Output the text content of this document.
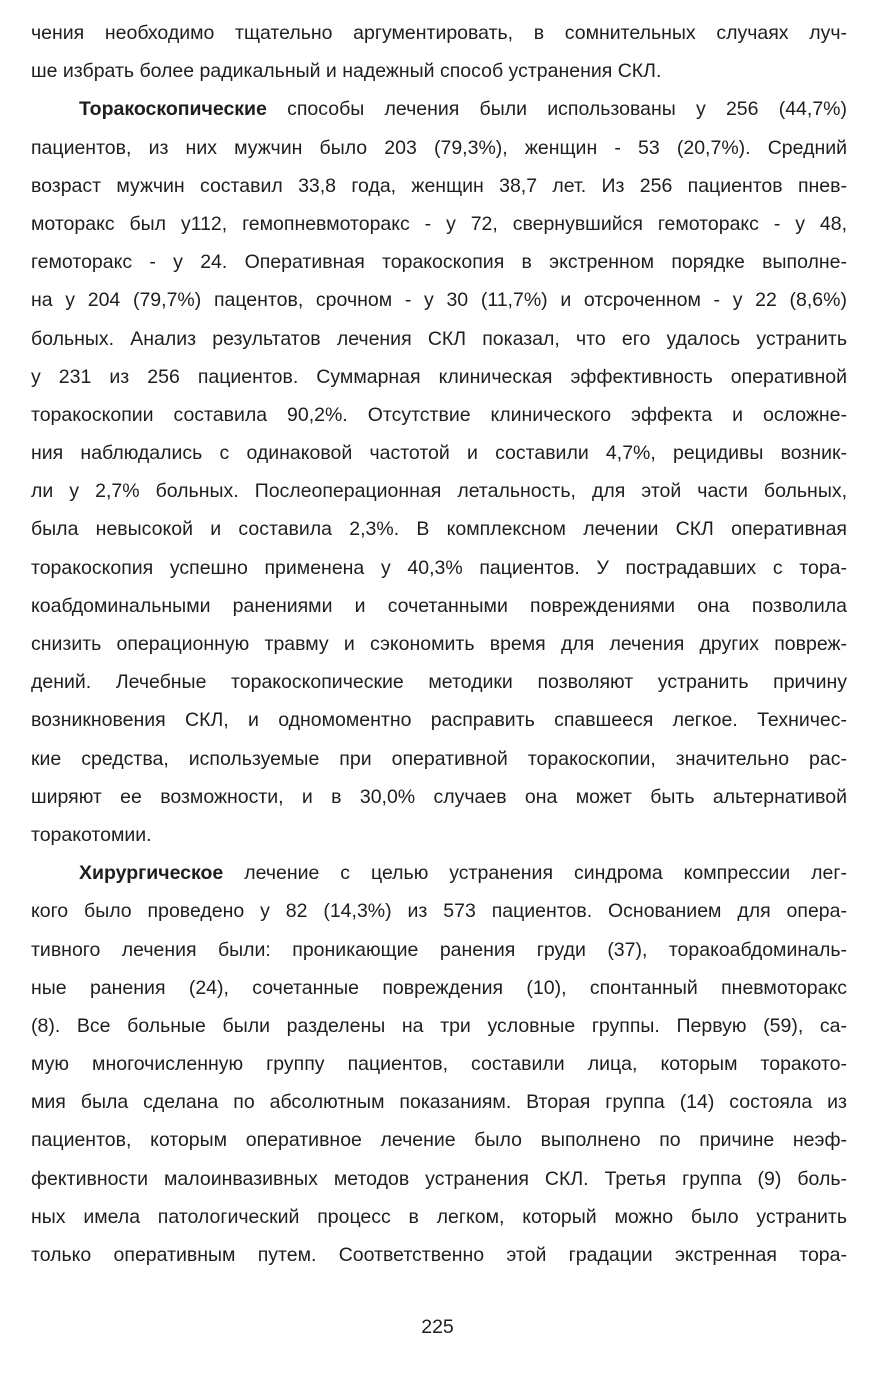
чения необходимо тщательно аргументировать, в сомнительных случаях луч-
ше избрать более радикальный и надежный способ устранения СКЛ.
Торакоскопические способы лечения были использованы у 256 (44,7%)
пациентов, из них мужчин было 203 (79,3%), женщин - 53 (20,7%). Средний
возраст мужчин составил 33,8 года, женщин 38,7 лет. Из 256 пациентов пнев-
моторакс был у112, гемопневмоторакс - у 72, свернувшийся гемоторакс - у 48,
гемоторакс - у 24. Оперативная торакоскопия в экстренном порядке выполне-
на у 204 (79,7%) пацентов, срочном - у 30 (11,7%) и отсроченном - у 22 (8,6%)
больных. Анализ результатов лечения СКЛ показал, что его удалось устранить
у 231 из 256 пациентов. Суммарная клиническая эффективность оперативной
торакоскопии составила 90,2%. Отсутствие клинического эффекта и осложне-
ния наблюдались с одинаковой частотой и составили 4,7%, рецидивы возник-
ли у 2,7% больных. Послеоперационная летальность, для этой части больных,
была невысокой и составила 2,3%. В комплексном лечении СКЛ оперативная
торакоскопия успешно применена у 40,3% пациентов. У пострадавших с тора-
коабдоминальными ранениями и сочетанными повреждениями она позволила
снизить операционную травму и сэкономить время для лечения других повреж-
дений. Лечебные торакоскопические методики позволяют устранить причину
возникновения СКЛ, и одномоментно расправить спавшееся легкое. Техничес-
кие средства, используемые при оперативной торакоскопии, значительно рас-
ширяют ее возможности, и в 30,0% случаев она может быть альтернативой
торакотомии.
Хирургическое лечение с целью устранения синдрома компрессии лег-
кого было проведено у 82 (14,3%) из 573 пациентов. Основанием для опера-
тивного лечения были: проникающие ранения груди (37), торакоабдоминаль-
ные ранения (24), сочетанные повреждения (10), спонтанный пневмоторакс
(8). Все больные были разделены на три условные группы. Первую (59), са-
мую многочисленную группу пациентов, составили лица, которым торакото-
мия была сделана по абсолютным показаниям. Вторая группа (14) состояла из
пациентов, которым оперативное лечение было выполнено по причине неэф-
фективности малоинвазивных методов устранения СКЛ. Третья группа (9) боль-
ных имела патологический процесс в легком, который можно было устранить
только оперативным путем. Соответственно этой градации экстренная тора-
225
